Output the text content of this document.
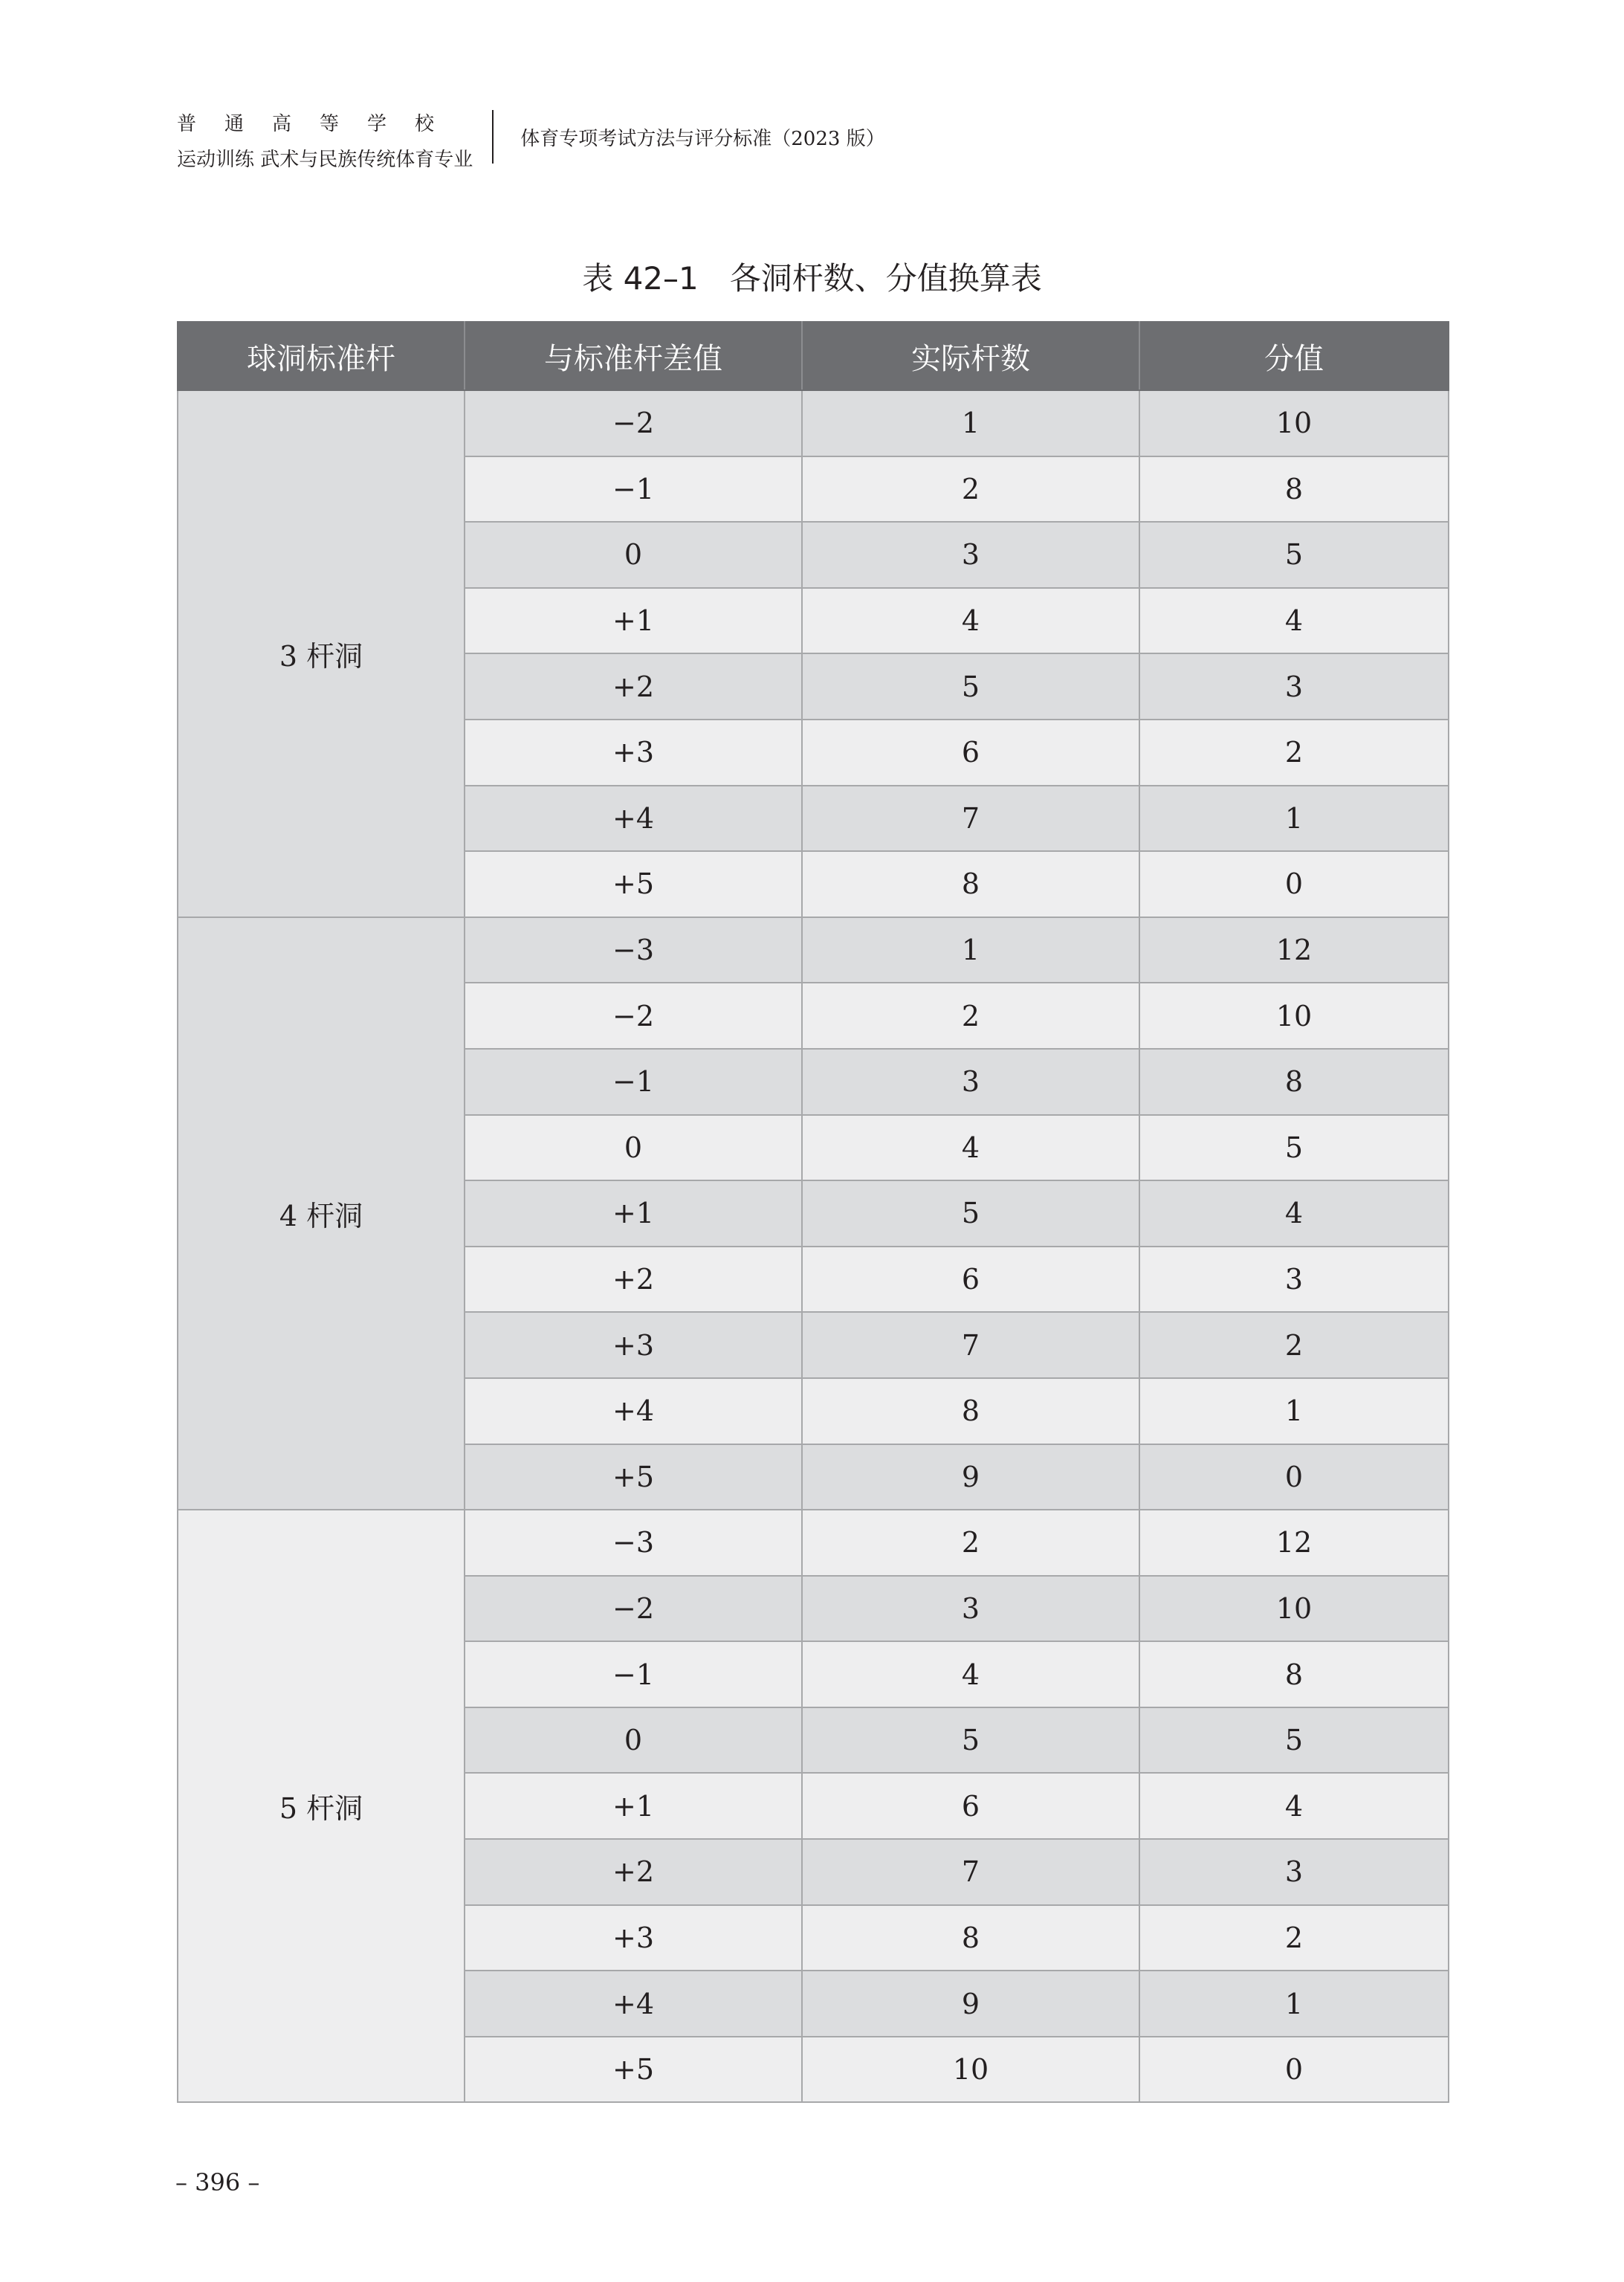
普通高等学校
运动训练 武术与民族传统体育专业
体育专项考试方法与评分标准（2023 版）
表 42–1　各洞杆数、分值换算表
球洞标准杆	与标准杆差值	实际杆数	分值
3 杆洞	−2	1	10
	−1	2	8
	0	3	5
	+1	4	4
	+2	5	3
	+3	6	2
	+4	7	1
	+5	8	0
4 杆洞	−3	1	12
	−2	2	10
	−1	3	8
	0	4	5
	+1	5	4
	+2	6	3
	+3	7	2
	+4	8	1
	+5	9	0
5 杆洞	−3	2	12
	−2	3	10
	−1	4	8
	0	5	5
	+1	6	4
	+2	7	3
	+3	8	2
	+4	9	1
	+5	10	0
– 396 –
